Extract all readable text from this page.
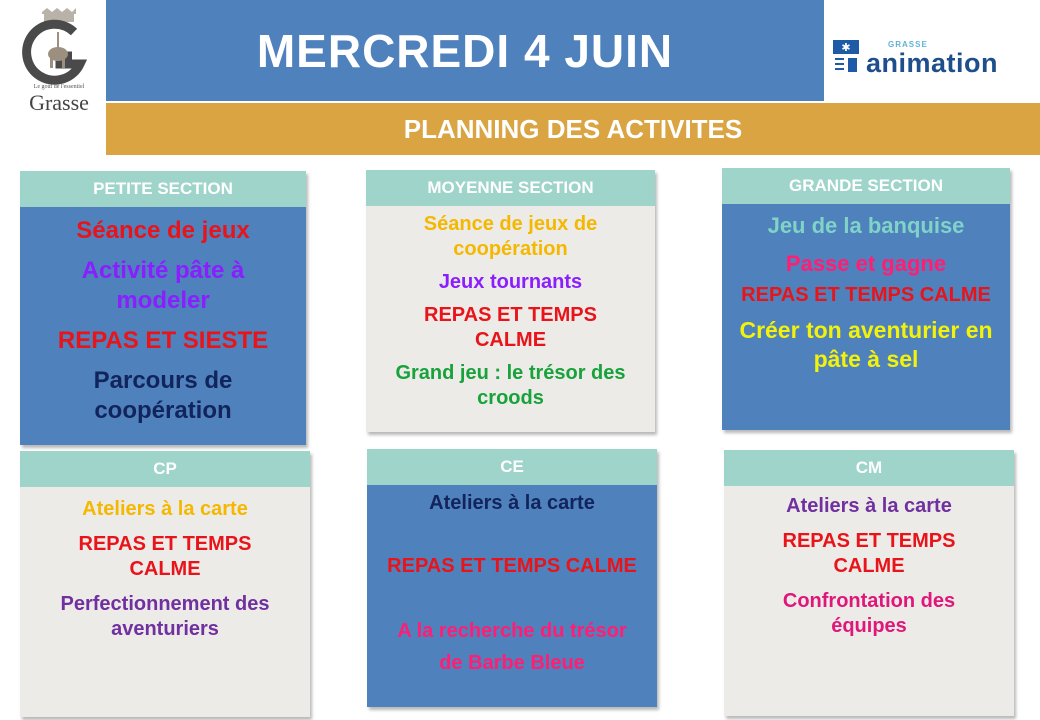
Le goût de l'essentiel
Grasse
✱	GRASSE
animation
MERCREDI 4 JUIN
PLANNING DES ACTIVITES
PETITE SECTION
Séance de jeux
Activité pâte à modeler
REPAS ET SIESTE
Parcours de coopération
MOYENNE SECTION
Séance de jeux de coopération
Jeux tournants
REPAS ET TEMPS CALME
Grand jeu : le trésor des croods
GRANDE SECTION
Jeu de la banquise
Passe et gagne
REPAS ET TEMPS CALME
Créer ton aventurier en pâte à sel
CP
Ateliers à la carte
REPAS ET TEMPS CALME
Perfectionnement des aventuriers
CE
Ateliers à la carte
REPAS ET TEMPS CALME
A la recherche du trésor de Barbe Bleue
CM
Ateliers à la carte
REPAS ET TEMPS CALME
Confrontation des équipes
